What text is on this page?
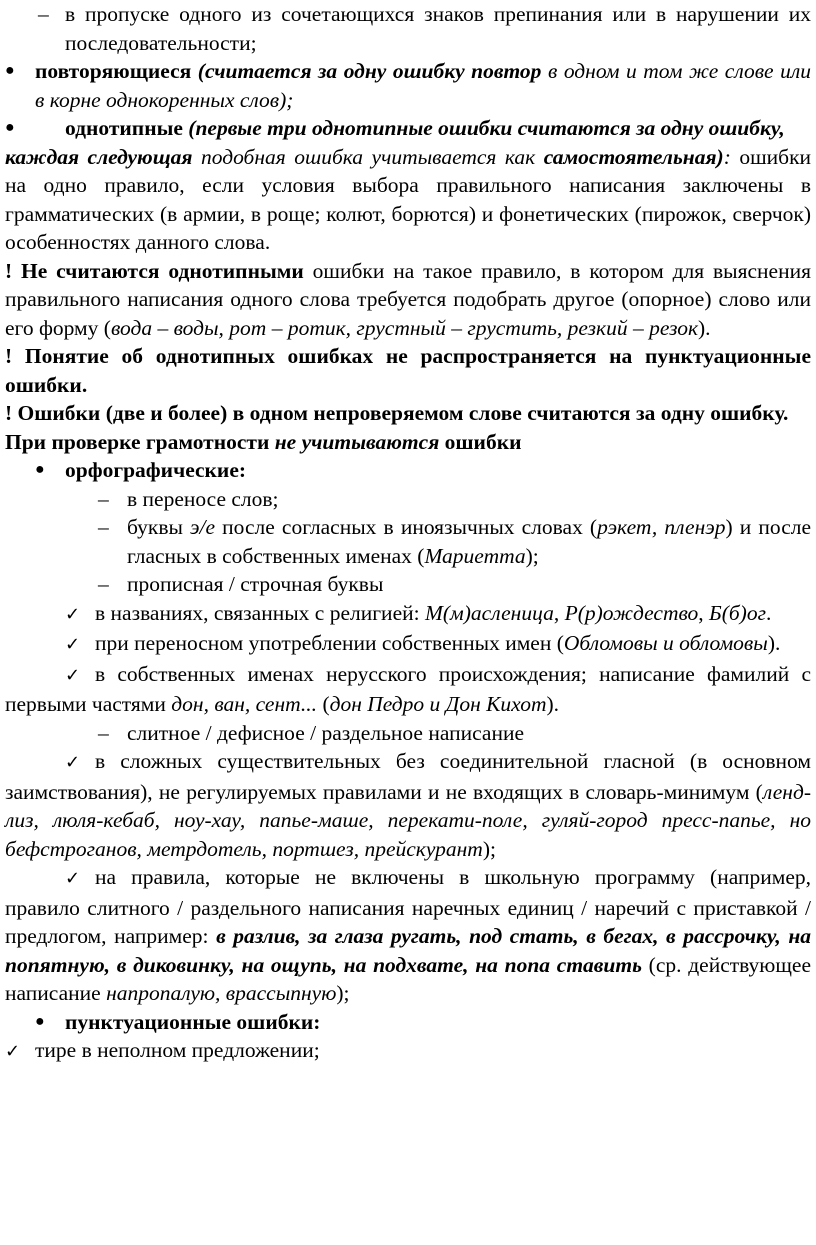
– в пропуске одного из сочетающихся знаков препинания или в нарушении их последовательности;

● повторяющиеся (считается за одну ошибку повтор в одном и том же слове или в корне однокоренных слов);

●	однотипные (первые три однотипные ошибки считаются за одну ошибку,

каждая следующая подобная ошибка учитывается как самостоятельная): ошибки на одно правило, если условия выбора правильного написания заключены в грамматических (в армии, в роще; колют, борются) и фонетических (пирожок, сверчок) особенностях данного слова.

! Не считаются однотипными ошибки на такое правило, в котором для выяснения правильного написания одного слова требуется подобрать другое (опорное) слово или его форму (вода – воды, рот – ротик, грустный – грустить, резкий – резок).

! Понятие об однотипных ошибках не распространяется на пунктуационные ошибки.

! Ошибки (две и более) в одном непроверяемом слове считаются за одну ошибку.

При проверке грамотности не учитываются ошибки

● орфографические:

– в переносе слов;

– буквы э/е после согласных в иноязычных словах (рэкет, пленэр) и после гласных в собственных именах (Мариетта);

– прописная / строчная буквы

✓ в названиях, связанных с религией: М(м)асленица, Р(р)ождество, Б(б)ог.

✓ при переносном употреблении собственных имен (Обломовы и обломовы).

✓ в собственных именах нерусского происхождения; написание фамилий с первыми частями дон, ван, сент... (дон Педро и Дон Кихот).

– слитное / дефисное / раздельное написание

✓ в сложных существительных без соединительной гласной (в основном заимствования), не регулируемых правилами и не входящих в словарь-минимум (ленд-лиз, люля-кебаб, ноу-хау, папье-маше, перекати-поле, гуляй-город пресс-папье, но бефстроганов, метрдотель, портшез, прейскурант);

✓ на правила, которые не включены в школьную программу (например, правило слитного / раздельного написания наречных единиц / наречий с приставкой /предлогом, например: в разлив, за глаза ругать, под стать, в бегах, в рассрочку, на попятную, в диковинку, на ощупь, на подхвате, на попа ставить (ср. действующее написание напропалую, врассыпную);

● пунктуационные ошибки:

✓ тире в неполном предложении;
